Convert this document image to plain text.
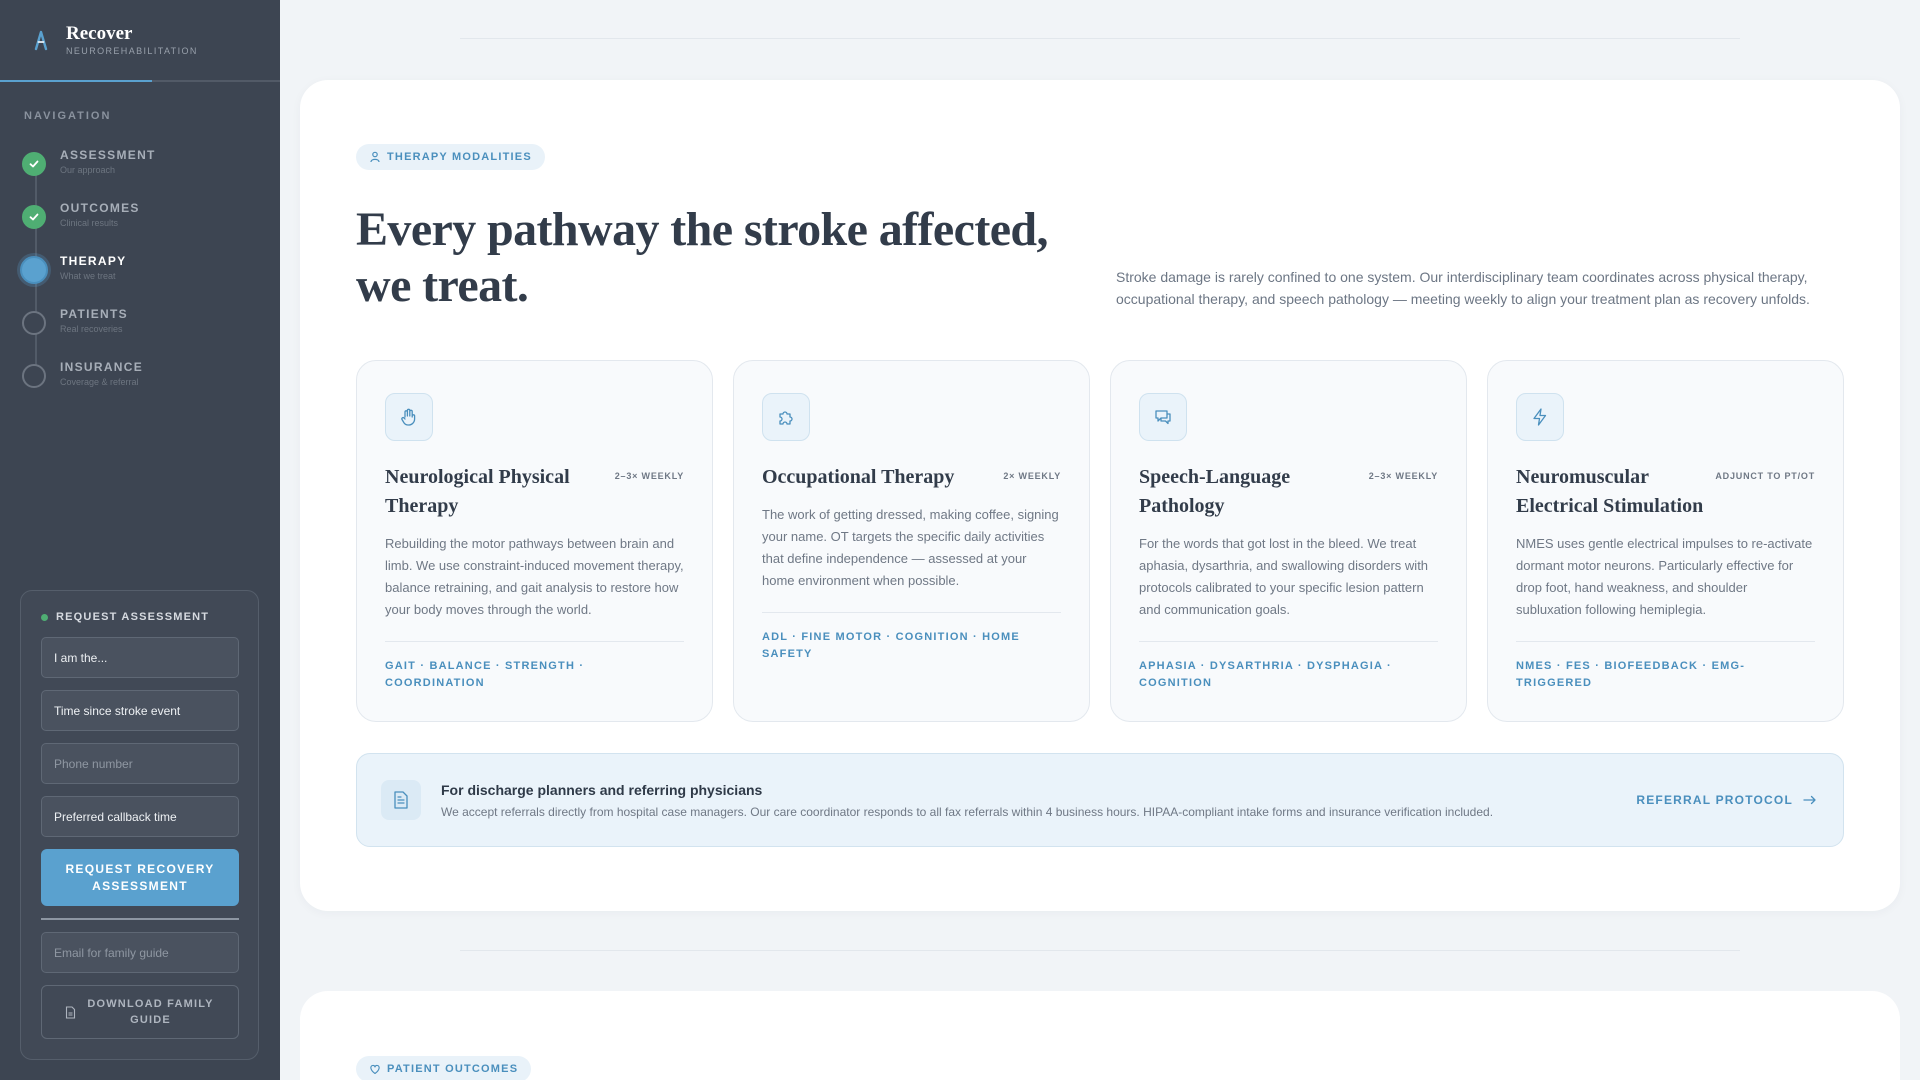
Recover
NEUROREHABILITATION
NAVIGATION
ASSESSMENT
Our approach
OUTCOMES
Clinical results
THERAPY
What we treat
PATIENTS
Real recoveries
INSURANCE
Coverage & referral
REQUEST ASSESSMENT
I am the...
Time since stroke event
Phone number
Preferred callback time
REQUEST RECOVERY ASSESSMENT
Email for family guide
DOWNLOAD FAMILY GUIDE
THERAPY MODALITIES
Every pathway the stroke affected, we treat.	Stroke damage is rarely confined to one system. Our interdisciplinary team coordinates across physical therapy, occupational therapy, and speech pathology — meeting weekly to align your treatment plan as recovery unfolds.

Neurological Physical Therapy
2–3× WEEKLY
Rebuilding the motor pathways between brain and limb. We use constraint-induced movement therapy, balance retraining, and gait analysis to restore how your body moves through the world.
GAIT · BALANCE · STRENGTH · COORDINATION
Occupational Therapy	2× WEEKLY
The work of getting dressed, making coffee, signing your name. OT targets the specific daily activities that define independence — assessed at your home environment when possible.
ADL · FINE MOTOR · COGNITION · HOME SAFETY
Speech-Language Pathology
2–3× WEEKLY
For the words that got lost in the bleed. We treat aphasia, dysarthria, and swallowing disorders with protocols calibrated to your specific lesion pattern and communication goals.
APHASIA · DYSARTHRIA · DYSPHAGIA · COGNITION
Neuromuscular Electrical Stimulation
ADJUNCT TO PT/OT
NMES uses gentle electrical impulses to re-activate dormant motor neurons. Particularly effective for drop foot, hand weakness, and shoulder subluxation following hemiplegia.
NMES · FES · BIOFEEDBACK · EMG-TRIGGERED
For discharge planners and referring physicians
We accept referrals directly from hospital case managers. Our care coordinator responds to all fax referrals within 4 business hours. HIPAA-compliant intake forms and insurance verification included.
REFERRAL PROTOCOL
PATIENT OUTCOMES
